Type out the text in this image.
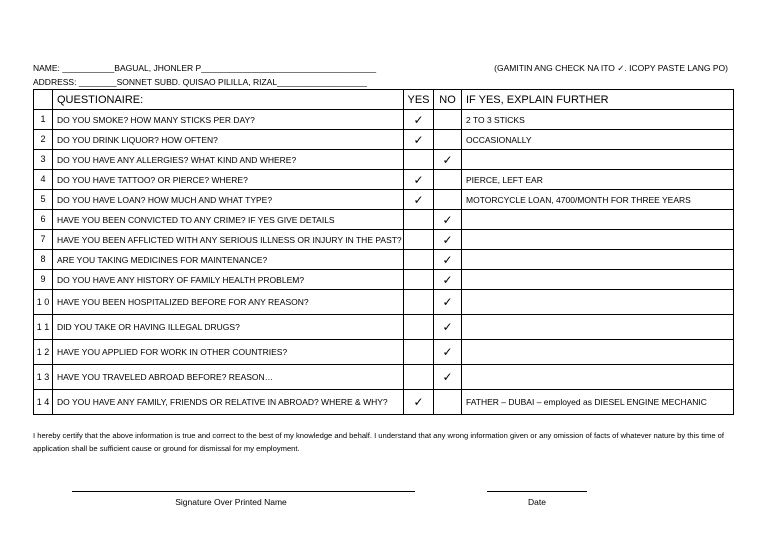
NAME: ___________BAGUAL, JHONLER P_____________________________________
ADDRESS: ________SONNET SUBD. QUISAO PILILLA, RIZAL___________________
(GAMITIN ANG CHECK NA ITO ✓. ICOPY PASTE LANG PO)
	QUESTIONAIRE:	YES	NO	IF YES, EXPLAIN FURTHER
1	DO YOU SMOKE? HOW MANY STICKS PER DAY?	✓		2 TO 3 STICKS
2	DO YOU DRINK LIQUOR? HOW OFTEN?	✓		OCCASIONALLY
3	DO YOU HAVE ANY ALLERGIES? WHAT KIND AND WHERE?		✓	
4	DO YOU HAVE TATTOO? OR PIERCE? WHERE?	✓		PIERCE, LEFT EAR
5	DO YOU HAVE LOAN? HOW MUCH AND WHAT TYPE?	✓		MOTORCYCLE LOAN, 4700/MONTH FOR THREE YEARS
6	HAVE YOU BEEN CONVICTED TO ANY CRIME? IF YES GIVE DETAILS		✓	
7	HAVE YOU BEEN AFFLICTED WITH ANY SERIOUS ILLNESS OR INJURY IN THE PAST?		✓	
8	ARE YOU TAKING MEDICINES FOR MAINTENANCE?		✓	
9	DO YOU HAVE ANY HISTORY OF FAMILY HEALTH PROBLEM?		✓	
1 0	HAVE YOU BEEN HOSPITALIZED BEFORE FOR ANY REASON?		✓	
1 1	DID YOU TAKE OR HAVING ILLEGAL DRUGS?		✓	
1 2	HAVE YOU APPLIED FOR WORK IN OTHER COUNTRIES?		✓	
1 3	HAVE YOU TRAVELED ABROAD BEFORE? REASON…		✓	
1 4	DO YOU HAVE ANY FAMILY, FRIENDS OR RELATIVE IN ABROAD? WHERE & WHY?	✓		FATHER – DUBAI – employed as DIESEL ENGINE MECHANIC
I hereby certify that the above information is true and correct to the best of my knowledge and behalf. I understand that any wrong information given or any omission of facts of whatever nature by this time of application shall be sufficient cause or ground for dismissal for my employment.
Signature Over Printed Name	Date
